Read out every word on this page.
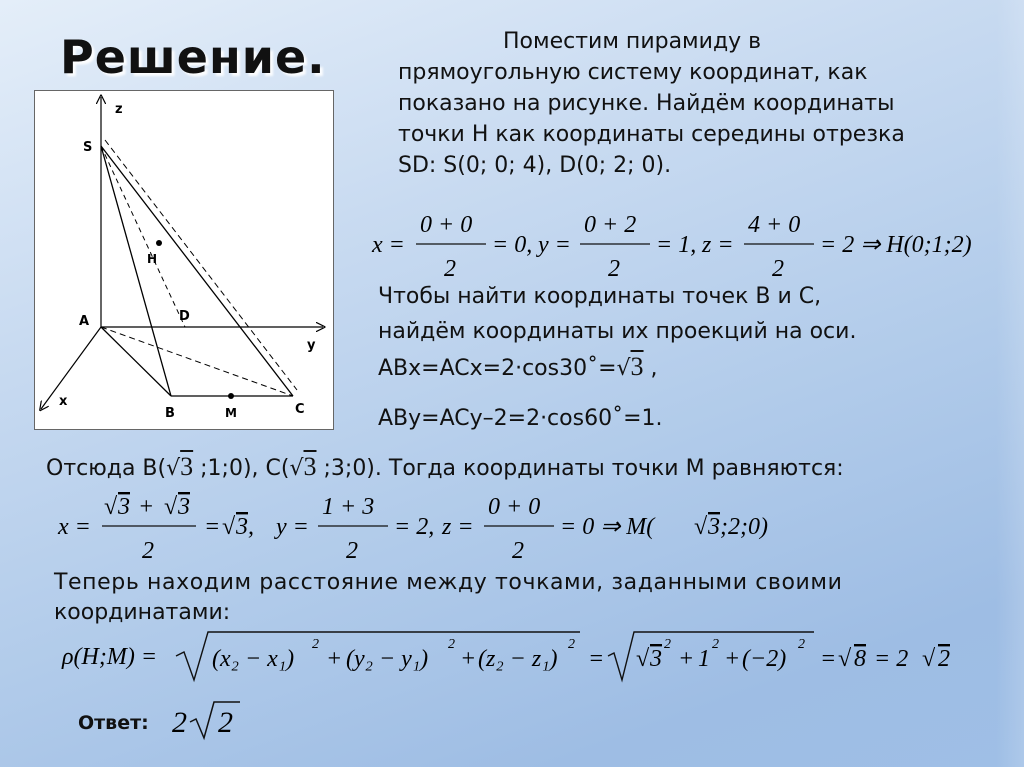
Решение.
z
y
x
S
A
B	C
D
H
M

Поместим пирамиду в

прямоугольную систему координат, как

показано на рисунке. Найдём координаты

точки H как координаты середины отрезка

SD: S(0; 0; 4), D(0; 2; 0).

x =
0 + 0
2
= 0, y =
0 + 2
2
= 1, z =
4 + 0
2
= 2 ⇒ H(0;1;2)
Чтобы найти координаты точек B и C,
найдём координаты их проекций на оси.
ABx=ACx=2·cos30˚=√3 ,
ABy=ACy–2=2·cos60˚=1.
Отсюда B(√3 ;1;0), C(√3 ;3;0). Тогда координаты точки M равняются:
x =
√ 3 + √ 3
2
= √ 3 , y =
1 + 3
2
= 2, z =
0 + 0
2
= 0 ⇒ M( √ 3 ;2;0)
Теперь находим расстояние между точками, заданными своими
координатами:
ρ(H;M) = (x₂ − x₁)
2
+ (y₂ − y₁)
2
+ (z₂ − z₁)
2
= √ 3
2
+ 1
2
+ (−2)
2
= √ 8 = 2 √ 2
Ответ: 2 2
